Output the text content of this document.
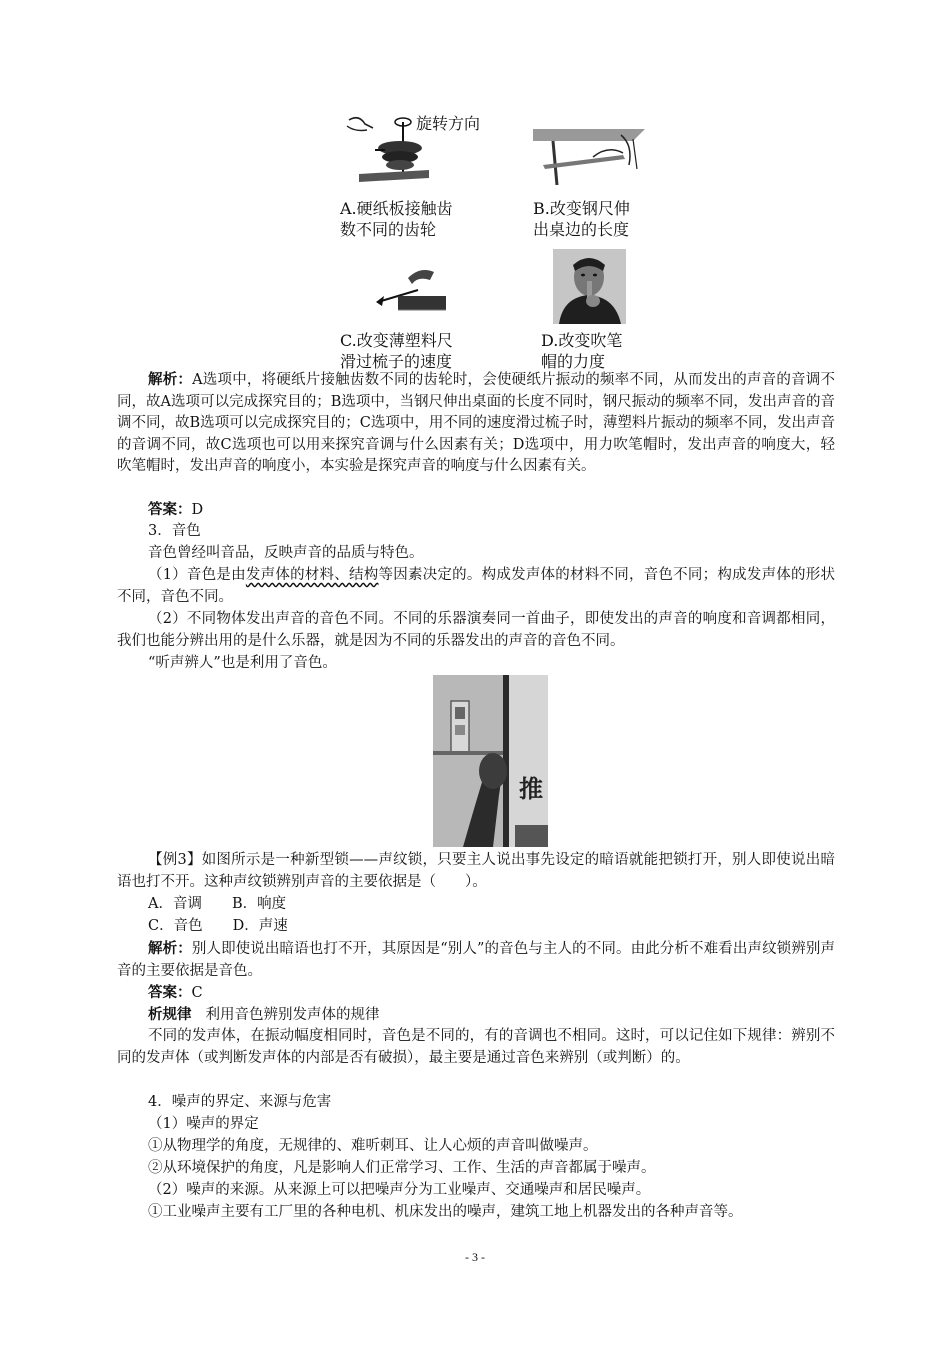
旋转方向
A.硬纸板接触齿
数不同的齿轮
B.改变钢尺伸
出桌边的长度
C.改变薄塑料尺
滑过梳子的速度
D.改变吹笔
帽的力度
解析：A选项中，将硬纸片接触齿数不同的齿轮时，会使硬纸片振动的频率不同，从而发出的声音的音调不同，故A选项可以完成探究目的；B选项中，当钢尺伸出桌面的长度不同时，钢尺振动的频率不同，发出声音的音调不同，故B选项可以完成探究目的；C选项中，用不同的速度滑过梳子时，薄塑料片振动的频率不同，发出声音的音调不同，故C选项也可以用来探究音调与什么因素有关；D选项中，用力吹笔帽时，发出声音的响度大，轻吹笔帽时，发出声音的响度小，本实验是探究声音的响度与什么因素有关。
答案：D
3．音色
音色曾经叫音品，反映声音的品质与特色。
（1）音色是由发声体的材料、结构等因素决定的。构成发声体的材料不同，音色不同；构成发声体的形状不同，音色不同。
（2）不同物体发出声音的音色不同。不同的乐器演奏同一首曲子，即使发出的声音的响度和音调都相同，我们也能分辨出用的是什么乐器，就是因为不同的乐器发出的声音的音色不同。
“听声辨人”也是利用了音色。
推
【例3】如图所示是一种新型锁——声纹锁，只要主人说出事先设定的暗语就能把锁打开，别人即使说出暗语也打不开。这种声纹锁辨别声音的主要依据是（　　）。
A．音调 B．响度
C．音色 D．声速
解析：别人即使说出暗语也打不开，其原因是“别人”的音色与主人的不同。由此分析不难看出声纹锁辨别声音的主要依据是音色。
答案：C
析规律 利用音色辨别发声体的规律
不同的发声体，在振动幅度相同时，音色是不同的，有的音调也不相同。这时，可以记住如下规律：辨别不同的发声体（或判断发声体的内部是否有破损），最主要是通过音色来辨别（或判断）的。
4．噪声的界定、来源与危害
（1）噪声的界定
①从物理学的角度，无规律的、难听刺耳、让人心烦的声音叫做噪声。
②从环境保护的角度，凡是影响人们正常学习、工作、生活的声音都属于噪声。
（2）噪声的来源。从来源上可以把噪声分为工业噪声、交通噪声和居民噪声。
①工业噪声主要有工厂里的各种电机、机床发出的噪声，建筑工地上机器发出的各种声音等。
- 3 -
